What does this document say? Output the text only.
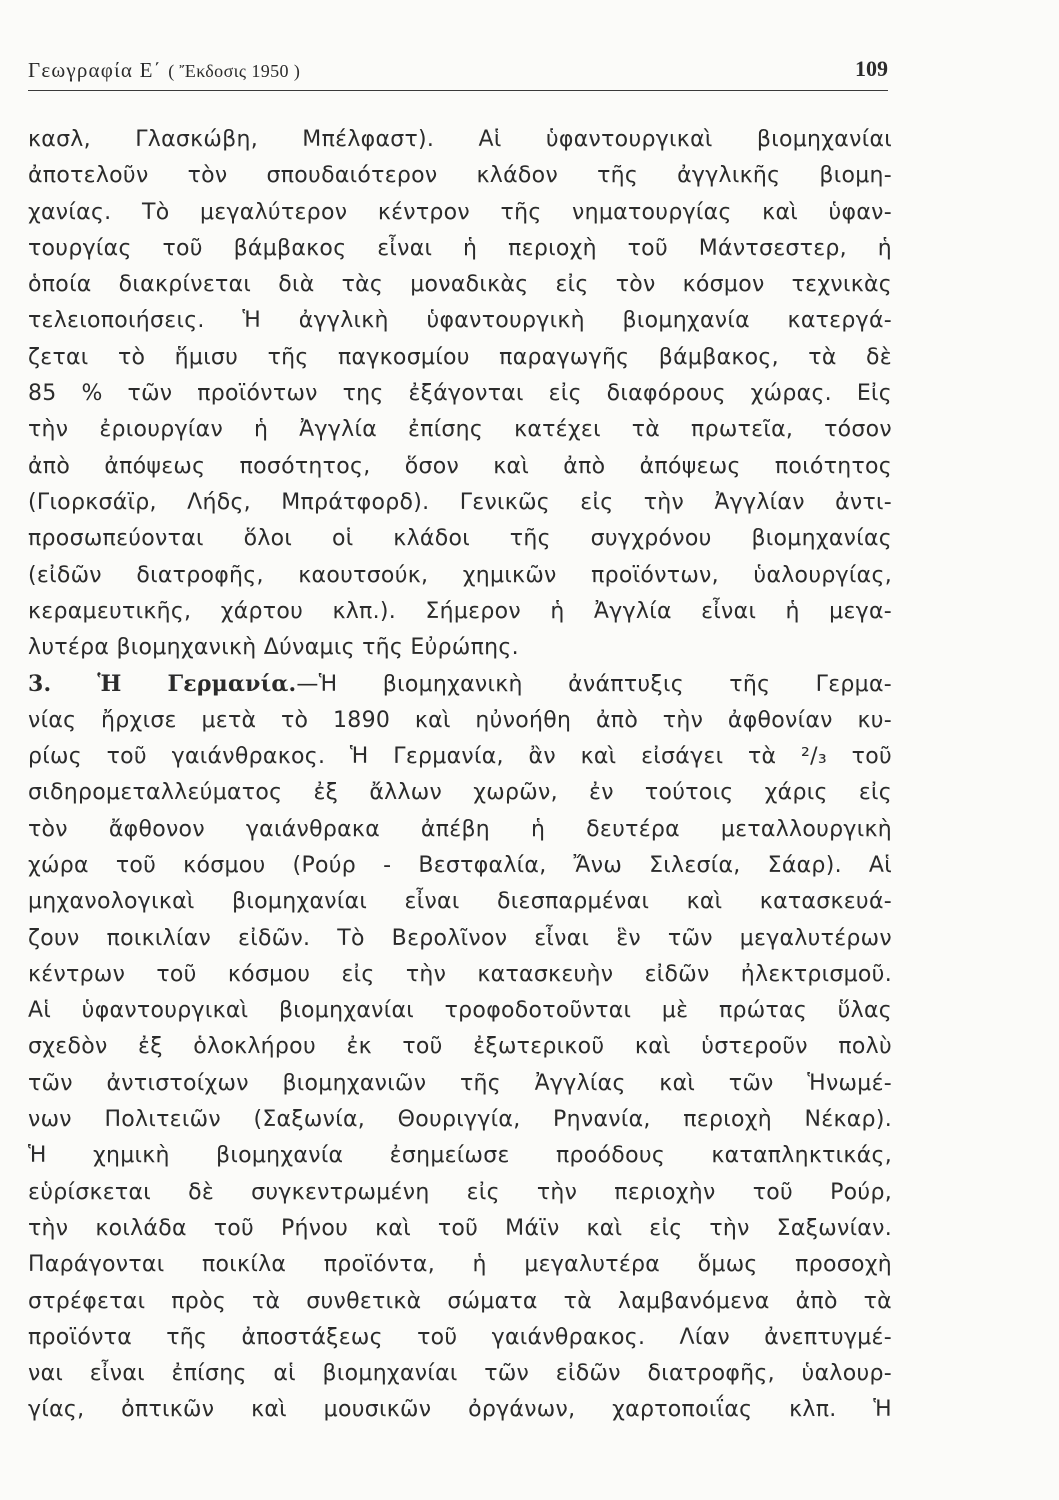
Γεωγραφία Ε΄ ( Ἔκδοσις 1950 )	109
κασλ, Γλασκώβη, Μπέλφαστ). Αἱ ὑφαντουργικαὶ βιομηχανίαι
ἀποτελοῦν τὸν σπουδαιότερον κλάδον τῆς ἀγγλικῆς βιομη-
χανίας. Τὸ μεγαλύτερον κέντρον τῆς νηματουργίας καὶ ὑφαν-
τουργίας τοῦ βάμβακος εἶναι ἡ περιοχὴ τοῦ Μάντσεστερ, ἡ
ὁποία διακρίνεται διὰ τὰς μοναδικὰς εἰς τὸν κόσμον τεχνικὰς
τελειοποιήσεις. Ἡ ἀγγλικὴ ὑφαντουργικὴ βιομηχανία κατεργά-
ζεται τὸ ἥμισυ τῆς παγκοσμίου παραγωγῆς βάμβακος, τὰ δὲ
85 % τῶν προϊόντων της ἐξάγονται εἰς διαφόρους χώρας. Εἰς
τὴν ἐριουργίαν ἡ Ἀγγλία ἐπίσης κατέχει τὰ πρωτεῖα, τόσον
ἀπὸ ἀπόψεως ποσότητος, ὅσον καὶ ἀπὸ ἀπόψεως ποιότητος
(Γιορκσάϊρ, Λήδς, Μπράτφορδ). Γενικῶς εἰς τὴν Ἀγγλίαν ἀντι-
προσωπεύονται ὅλοι οἱ κλάδοι τῆς συγχρόνου βιομηχανίας
(εἰδῶν διατροφῆς, καουτσούκ, χημικῶν προϊόντων, ὑαλουργίας,
κεραμευτικῆς, χάρτου κλπ.). Σήμερον ἡ Ἀγγλία εἶναι ἡ μεγα-
λυτέρα βιομηχανικὴ Δύναμις τῆς Εὐρώπης.
3. Ἡ Γερμανία.—Ἡ βιομηχανικὴ ἀνάπτυξις τῆς Γερμα-
νίας ἤρχισε μετὰ τὸ 1890 καὶ ηὐνοήθη ἀπὸ τὴν ἀφθονίαν κυ-
ρίως τοῦ γαιάνθρακος. Ἡ Γερμανία, ἂν καὶ εἰσάγει τὰ ²/₃ τοῦ
σιδηρομεταλλεύματος ἐξ ἄλλων χωρῶν, ἐν τούτοις χάρις εἰς
τὸν ἄφθονον γαιάνθρακα ἀπέβη ἡ δευτέρα μεταλλουργικὴ
χώρα τοῦ κόσμου (Ρούρ - Βεστφαλία, Ἄνω Σιλεσία, Σάαρ). Αἱ
μηχανολογικαὶ βιομηχανίαι εἶναι διεσπαρμέναι καὶ κατασκευά-
ζουν ποικιλίαν εἰδῶν. Τὸ Βερολῖνον εἶναι ἓν τῶν μεγαλυτέρων
κέντρων τοῦ κόσμου εἰς τὴν κατασκευὴν εἰδῶν ἠλεκτρισμοῦ.
Αἱ ὑφαντουργικαὶ βιομηχανίαι τροφοδοτοῦνται μὲ πρώτας ὕλας
σχεδὸν ἐξ ὁλοκλήρου ἐκ τοῦ ἐξωτερικοῦ καὶ ὑστεροῦν πολὺ
τῶν ἀντιστοίχων βιομηχανιῶν τῆς Ἀγγλίας καὶ τῶν Ἡνωμέ-
νων Πολιτειῶν (Σαξωνία, Θουριγγία, Ρηνανία, περιοχὴ Νέκαρ).
Ἡ χημικὴ βιομηχανία ἐσημείωσε προόδους καταπληκτικάς,
εὑρίσκεται δὲ συγκεντρωμένη εἰς τὴν περιοχὴν τοῦ Ρούρ,
τὴν κοιλάδα τοῦ Ρήνου καὶ τοῦ Μάϊν καὶ εἰς τὴν Σαξωνίαν.
Παράγονται ποικίλα προϊόντα, ἡ μεγαλυτέρα ὅμως προσοχὴ
στρέφεται πρὸς τὰ συνθετικὰ σώματα τὰ λαμβανόμενα ἀπὸ τὰ
προϊόντα τῆς ἀποστάξεως τοῦ γαιάνθρακος. Λίαν ἀνεπτυγμέ-
ναι εἶναι ἐπίσης αἱ βιομηχανίαι τῶν εἰδῶν διατροφῆς, ὑαλουρ-
γίας, ὀπτικῶν καὶ μουσικῶν ὀργάνων, χαρτοποιΐας κλπ. Ἡ
